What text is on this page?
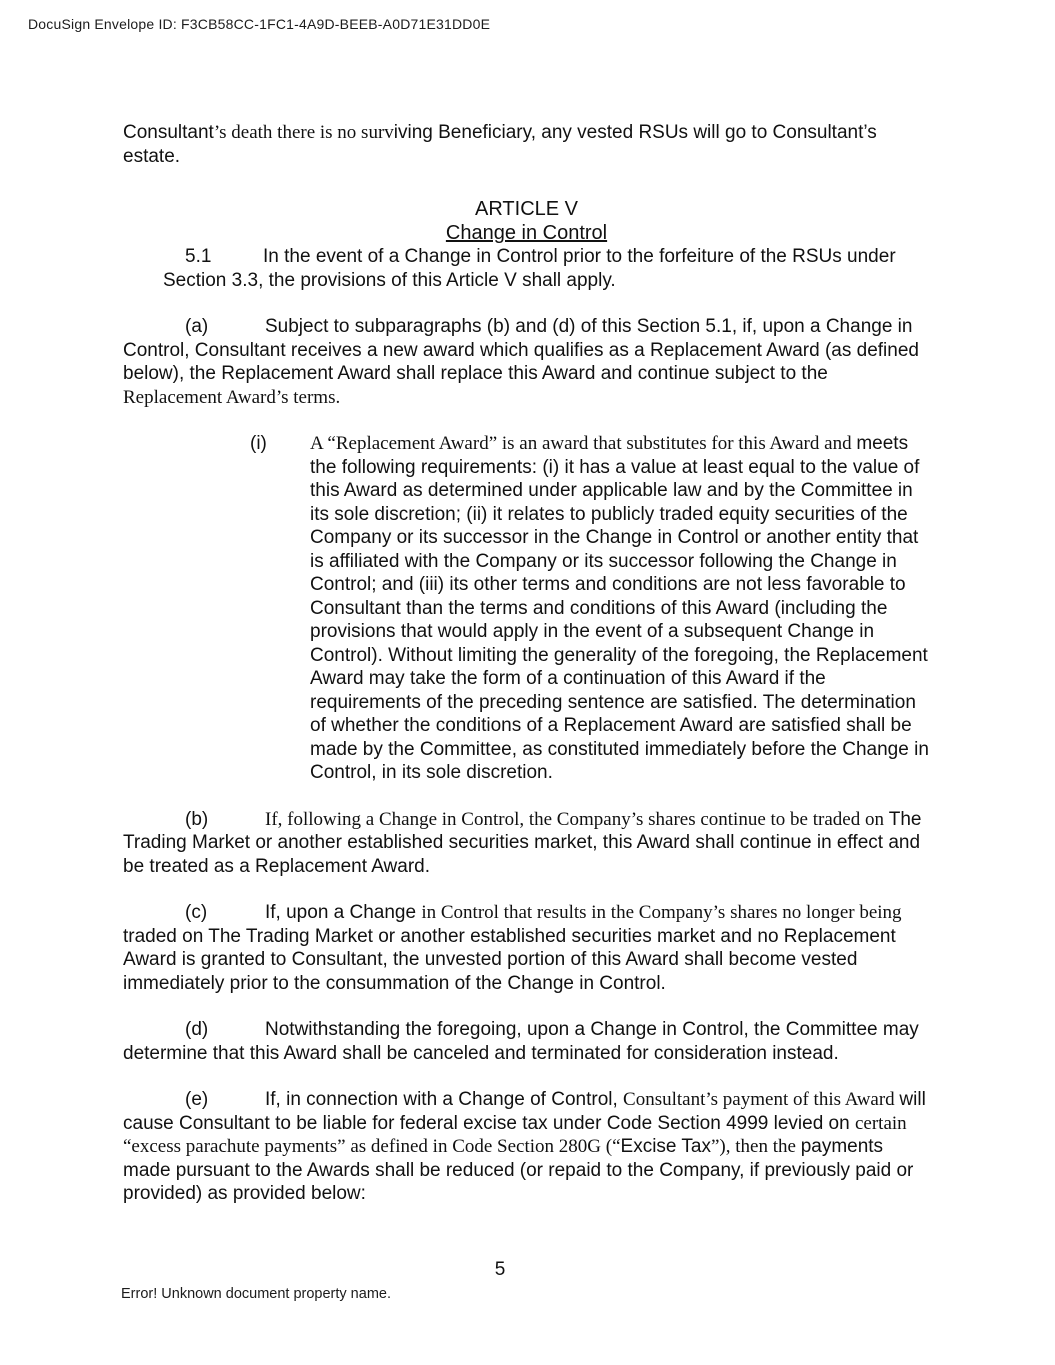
DocuSign Envelope ID: F3CB58CC-1FC1-4A9D-BEEB-A0D71E31DD0E

Consultant’s death there is no surviving Beneficiary, any vested RSUs will go to Consultant’s estate.

ARTICLE V
Change in Control

5.1	In the event of a Change in Control prior to the forfeiture of the RSUs under Section 3.3, the provisions of this Article V shall apply.

(a)	Subject to subparagraphs (b) and (d) of this Section 5.1, if, upon a Change in Control, Consultant receives a new award which qualifies as a Replacement Award (as defined below), the Replacement Award shall replace this Award and continue subject to the Replacement Award’s terms.

(i) A “Replacement Award” is an award that substitutes for this Award and meets the following requirements: (i) it has a value at least equal to the value of this Award as determined under applicable law and by the Committee in its sole discretion; (ii) it relates to publicly traded equity securities of the Company or its successor in the Change in Control or another entity that is affiliated with the Company or its successor following the Change in Control; and (iii) its other terms and conditions are not less favorable to Consultant than the terms and conditions of this Award (including the provisions that would apply in the event of a subsequent Change in Control). Without limiting the generality of the foregoing, the Replacement Award may take the form of a continuation of this Award if the requirements of the preceding sentence are satisfied. The determination of whether the conditions of a Replacement Award are satisfied shall be made by the Committee, as constituted immediately before the Change in Control, in its sole discretion.

(b)	If, following a Change in Control, the Company’s shares continue to be traded on The Trading Market or another established securities market, this Award shall continue in effect and be treated as a Replacement Award.

(c)	If, upon a Change in Control that results in the Company’s shares no longer being traded on The Trading Market or another established securities market and no Replacement Award is granted to Consultant, the unvested portion of this Award shall become vested immediately prior to the consummation of the Change in Control.

(d)	Notwithstanding the foregoing, upon a Change in Control, the Committee may determine that this Award shall be canceled and terminated for consideration instead.

(e)	If, in connection with a Change of Control, Consultant’s payment of this Award will cause Consultant to be liable for federal excise tax under Code Section 4999 levied on certain “excess parachute payments” as defined in Code Section 280G (“Excise Tax”), then the payments made pursuant to the Awards shall be reduced (or repaid to the Company, if previously paid or provided) as provided below:

5
Error! Unknown document property name.
